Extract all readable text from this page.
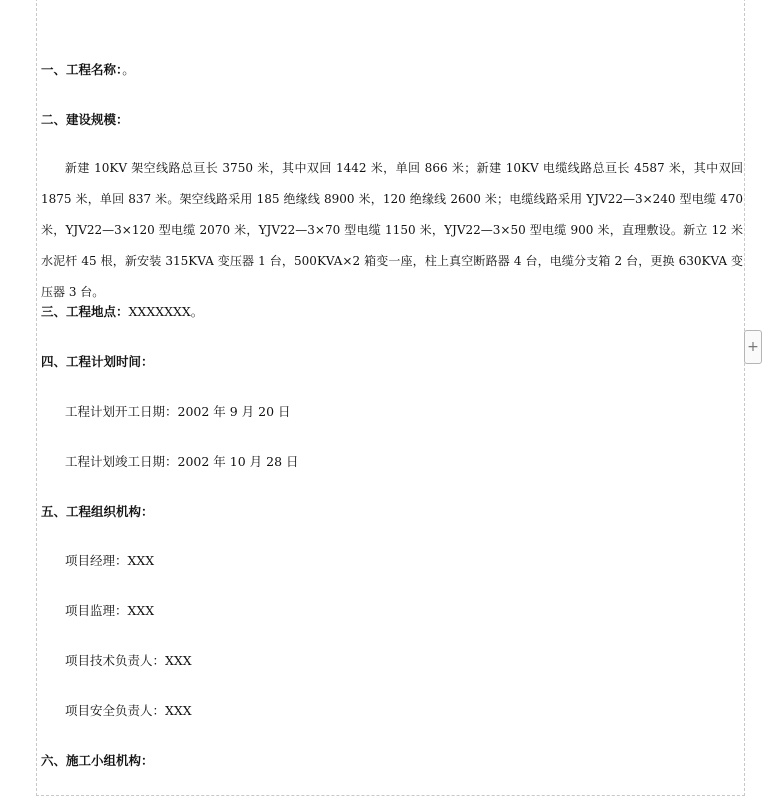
一、工程名称：。
二、建设规模：
新建 10KV 架空线路总亘长 3750 米，其中双回 1442 米，单回 866 米；新建 10KV 电缆线路总亘长 4587 米，其中双回 1875 米，单回 837 米。架空线路采用 185 绝缘线 8900 米，120 绝缘线 2600 米；电缆线路采用 YJV22—3×240 型电缆 470 米，YJV22—3×120 型电缆 2070 米，YJV22—3×70 型电缆 1150 米，YJV22—3×50 型电缆 900 米，直理敷设。新立 12 米水泥杆 45 根，新安装 315KVA 变压器 1 台，500KVA×2 箱变一座，柱上真空断路器 4 台，电缆分支箱 2 台，更换 630KVA 变压器 3 台。
三、工程地点：XXXXXXX。
四、工程计划时间：
工程计划开工日期：2002 年 9 月 20 日
工程计划竣工日期：2002 年 10 月 28 日
五、工程组织机构：
项目经理：XXX
项目监理：XXX
项目技术负责人：XXX
项目安全负责人：XXX
六、施工小组机构：
+
